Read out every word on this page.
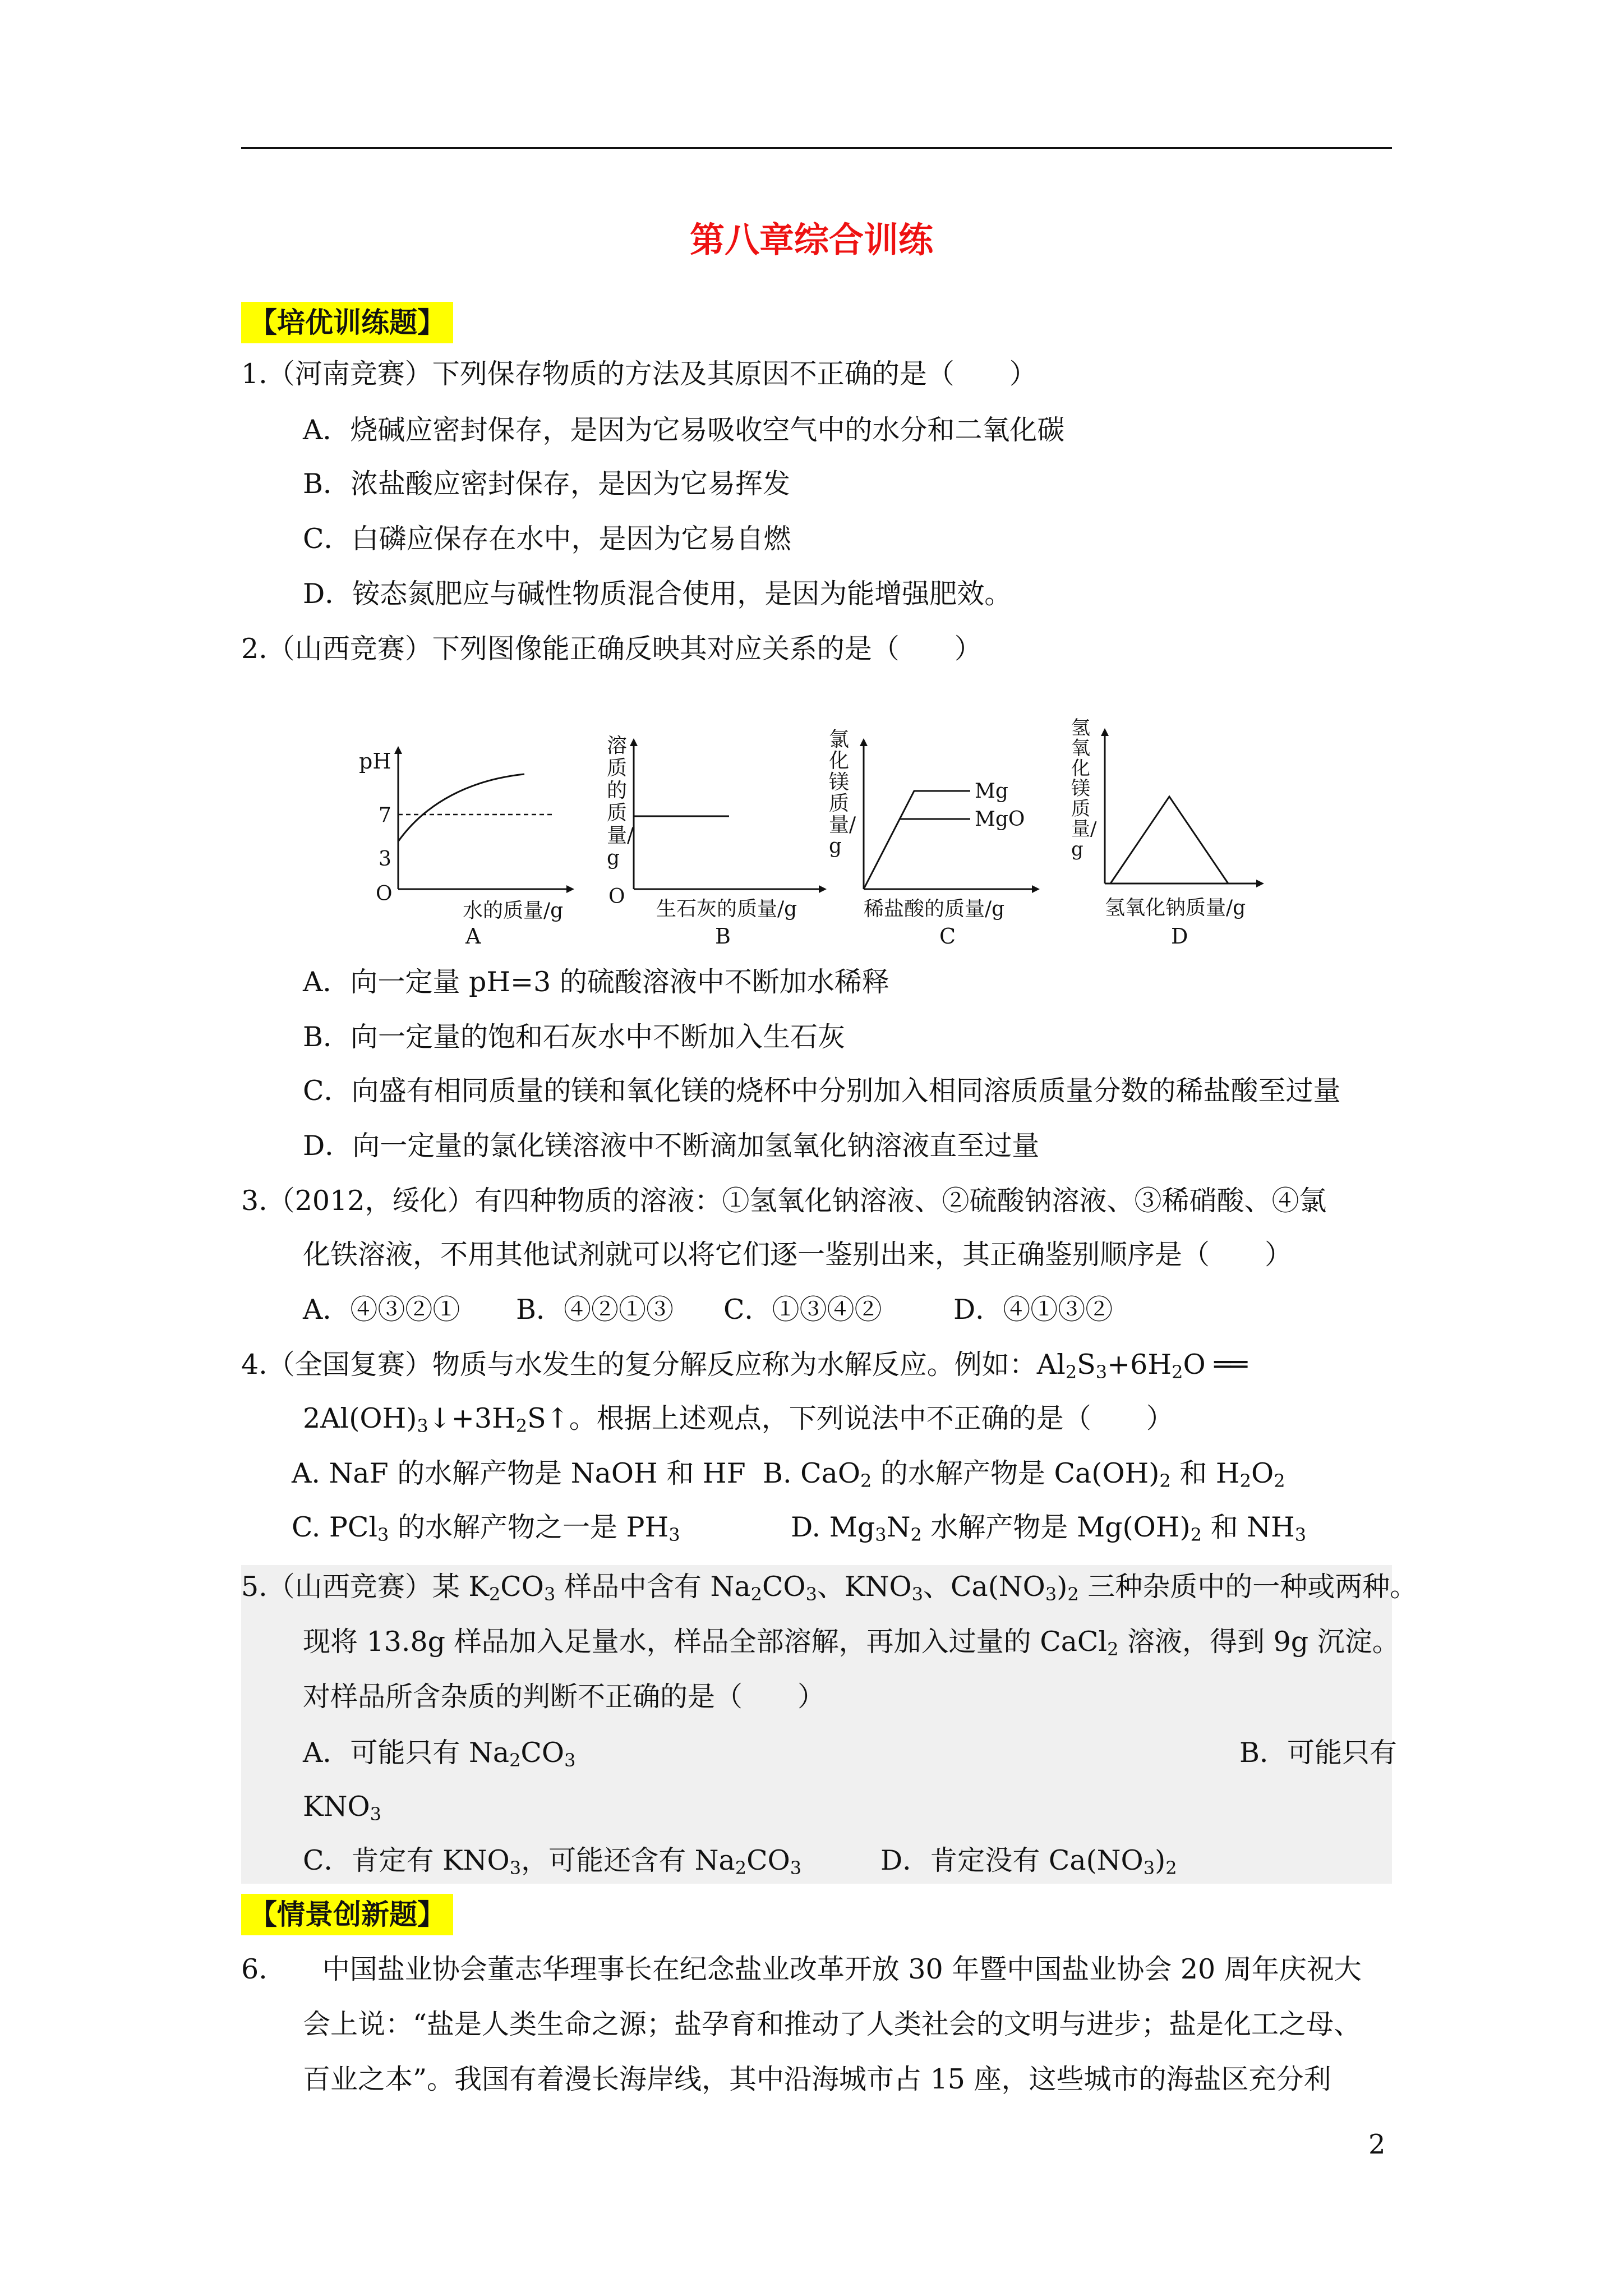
第八章综合训练
【培优训练题】
1.（河南竞赛）下列保存物质的方法及其原因不正确的是（　　）
A．烧碱应密封保存，是因为它易吸收空气中的水分和二氧化碳
B．浓盐酸应密封保存，是因为它易挥发
C．白磷应保存在水中，是因为它易自燃
D．铵态氮肥应与碱性物质混合使用，是因为能增强肥效。
2.（山西竞赛）下列图像能正确反映其对应关系的是（　　）
pH
7
3
O
水的质量/g
A
O
生石灰的质量/g
B
溶质的质量/g
Mg
MgO
稀盐酸的质量/g
C
氯化镁质量/g
氢氧化钠质量/g
D
氢氧化镁质量/g
A．向一定量 pH=3 的硫酸溶液中不断加水稀释
B．向一定量的饱和石灰水中不断加入生石灰
C．向盛有相同质量的镁和氧化镁的烧杯中分别加入相同溶质质量分数的稀盐酸至过量
D．向一定量的氯化镁溶液中不断滴加氢氧化钠溶液直至过量
3.（2012，绥化）有四种物质的溶液：①氢氧化钠溶液、②硫酸钠溶液、③稀硝酸、④氯
化铁溶液，不用其他试剂就可以将它们逐一鉴别出来，其正确鉴别顺序是（　　）
A．④③②① B．④②①③ C．①③④②	D．④①③②
4.（全国复赛）物质与水发生的复分解反应称为水解反应。例如：$Al_2S_3+6H_2O$ ══
$2Al(OH)_3↓+3H_2S↑$。根据上述观点，下列说法中不正确的是（　　）
A. NaF 的水解产物是 NaOH 和 HF B. CaO$_2$ 的水解产物是 $Ca(OH)_2$ 和 $H_2O_2$
C. PCl$_3$ 的水解产物之一是 $PH_3$	D. $Mg_3N_2$ 水解产物是 $Mg(OH)_2$ 和 $NH_3$
5.（山西竞赛）某 $K_2CO_3$ 样品中含有 $Na_2CO_3$、$KNO_3$、$Ca(NO_3)_2$ 三种杂质中的一种或两种。
现将 13.8g 样品加入足量水，样品全部溶解，再加入过量的 CaCl$_2$ 溶液，得到 9g 沉淀。
对样品所含杂质的判断不正确的是（　　）
A．可能只有 $Na_2CO_3$	B．可能只有
$KNO_3$
C．肯定有 $KNO_3$，可能还含有 $Na_2CO_3$	D．肯定没有 $Ca(NO_3)_2$
【情景创新题】
6.　　中国盐业协会董志华理事长在纪念盐业改革开放 30 年暨中国盐业协会 20 周年庆祝大
会上说：“盐是人类生命之源；盐孕育和推动了人类社会的文明与进步；盐是化工之母、
百业之本”。我国有着漫长海岸线，其中沿海城市占 15 座，这些城市的海盐区充分利
2
